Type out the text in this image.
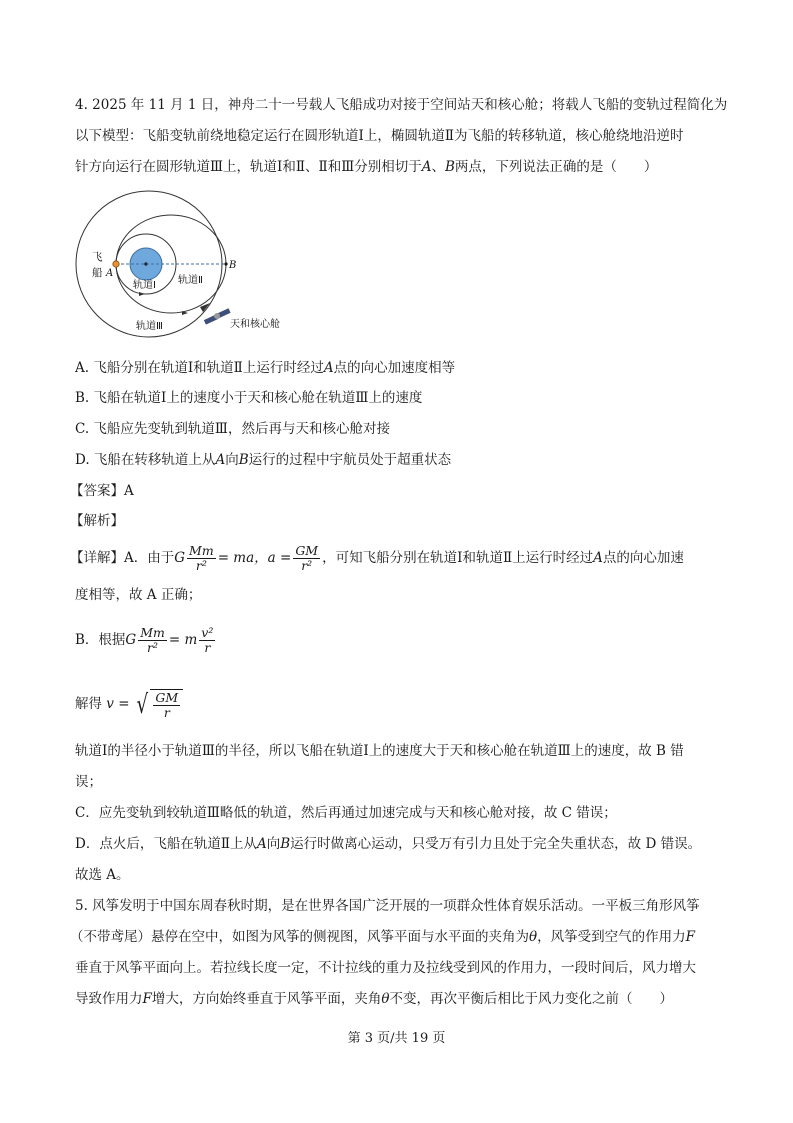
4. 2025 年 11 月 1 日，神舟二十一号载人飞船成功对接于空间站天和核心舱；将载人飞船的变轨过程简化为
以下模型：飞船变轨前绕地稳定运行在圆形轨道Ⅰ上，椭圆轨道Ⅱ为飞船的转移轨道，核心舱绕地沿逆时
针方向运行在圆形轨道Ⅲ上，轨道Ⅰ和Ⅱ、Ⅱ和Ⅲ分别相切于A、B两点，下列说法正确的是（　　）
飞
船 A
B
轨道Ⅰ 轨道Ⅱ
轨道Ⅲ	天和核心舱
A. 飞船分别在轨道Ⅰ和轨道Ⅱ上运行时经过A点的向心加速度相等
B. 飞船在轨道Ⅰ上的速度小于天和核心舱在轨道Ⅲ上的速度
C. 飞船应先变轨到轨道Ⅲ，然后再与天和核心舱对接
D. 飞船在转移轨道上从A向B运行的过程中宇航员处于超重状态
【答案】A
【解析】
【详解】A．由于G $\frac{Mm}{\text{r²}}$ = ma，$a = \frac{GM}{\text{r²}}$ ，可知飞船分别在轨道Ⅰ和轨道Ⅱ上运行时经过A点的向心加速
度相等，故 A 正确；
B．根据G $\frac{Mm}{\text{r²}} = m \frac{\text{v²}}{r}$
解得 v = √ $\frac{GM}{r}$
轨道Ⅰ的半径小于轨道Ⅲ的半径，所以飞船在轨道Ⅰ上的速度大于天和核心舱在轨道Ⅲ上的速度，故 B 错
误；
C．应先变轨到较轨道Ⅲ略低的轨道，然后再通过加速完成与天和核心舱对接，故 C 错误；
D．点火后，飞船在轨道Ⅱ上从A向B运行时做离心运动，只受万有引力且处于完全失重状态，故 D 错误。
故选 A。
5. 风筝发明于中国东周春秋时期，是在世界各国广泛开展的一项群众性体育娱乐活动。一平板三角形风筝
（不带鸢尾）悬停在空中，如图为风筝的侧视图，风筝平面与水平面的夹角为θ，风筝受到空气的作用力F
垂直于风筝平面向上。若拉线长度一定，不计拉线的重力及拉线受到风的作用力，一段时间后，风力增大
导致作用力F增大，方向始终垂直于风筝平面，夹角θ不变，再次平衡后相比于风力变化之前（　　）
第 3 页/共 19 页
